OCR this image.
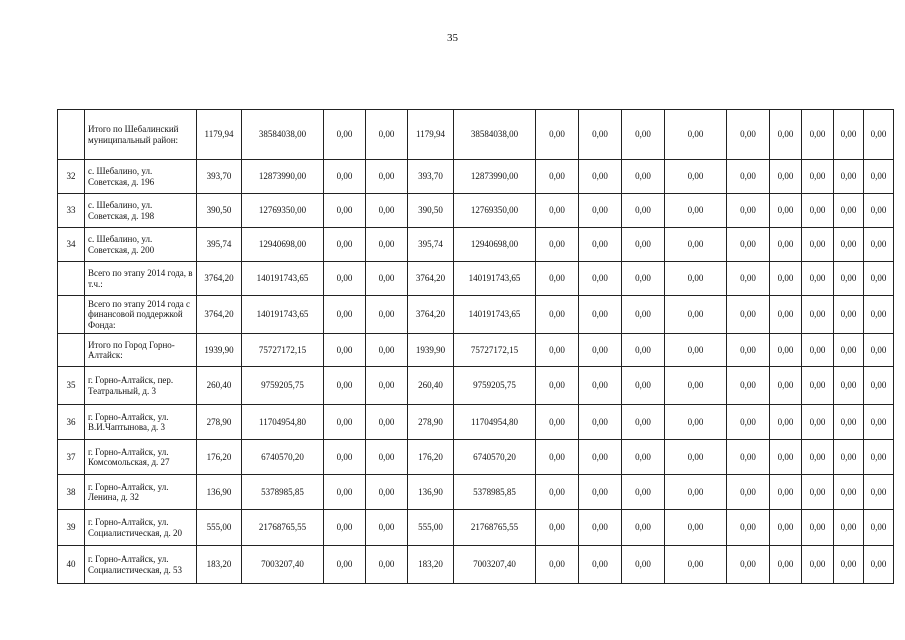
35
	Итого по Шебалинский муниципальный район:	1179,94	38584038,00	0,00	0,00	1179,94	38584038,00	0,00	0,00	0,00	0,00	0,00	0,00	0,00	0,00	0,00
32	с. Шебалино, ул. Советская, д. 196	393,70	12873990,00	0,00	0,00	393,70	12873990,00	0,00	0,00	0,00	0,00	0,00	0,00	0,00	0,00	0,00
33	с. Шебалино, ул. Советская, д. 198	390,50	12769350,00	0,00	0,00	390,50	12769350,00	0,00	0,00	0,00	0,00	0,00	0,00	0,00	0,00	0,00
34	с. Шебалино, ул. Советская, д. 200	395,74	12940698,00	0,00	0,00	395,74	12940698,00	0,00	0,00	0,00	0,00	0,00	0,00	0,00	0,00	0,00
	Всего по этапу 2014 года, в т.ч.:	3764,20	140191743,65	0,00	0,00	3764,20	140191743,65	0,00	0,00	0,00	0,00	0,00	0,00	0,00	0,00	0,00
	Всего по этапу 2014 года с финансовой поддержкой Фонда:	3764,20	140191743,65	0,00	0,00	3764,20	140191743,65	0,00	0,00	0,00	0,00	0,00	0,00	0,00	0,00	0,00
	Итого по Город Горно-Алтайск:	1939,90	75727172,15	0,00	0,00	1939,90	75727172,15	0,00	0,00	0,00	0,00	0,00	0,00	0,00	0,00	0,00
35	г. Горно-Алтайск, пер. Театральный, д. 3	260,40	9759205,75	0,00	0,00	260,40	9759205,75	0,00	0,00	0,00	0,00	0,00	0,00	0,00	0,00	0,00
36	г. Горно-Алтайск, ул. В.И.Чаптынова, д. 3	278,90	11704954,80	0,00	0,00	278,90	11704954,80	0,00	0,00	0,00	0,00	0,00	0,00	0,00	0,00	0,00
37	г. Горно-Алтайск, ул. Комсомольская, д. 27	176,20	6740570,20	0,00	0,00	176,20	6740570,20	0,00	0,00	0,00	0,00	0,00	0,00	0,00	0,00	0,00
38	г. Горно-Алтайск, ул. Ленина, д. 32	136,90	5378985,85	0,00	0,00	136,90	5378985,85	0,00	0,00	0,00	0,00	0,00	0,00	0,00	0,00	0,00
39	г. Горно-Алтайск, ул. Социалистическая, д. 20	555,00	21768765,55	0,00	0,00	555,00	21768765,55	0,00	0,00	0,00	0,00	0,00	0,00	0,00	0,00	0,00
40	г. Горно-Алтайск, ул. Социалистическая, д. 53	183,20	7003207,40	0,00	0,00	183,20	7003207,40	0,00	0,00	0,00	0,00	0,00	0,00	0,00	0,00	0,00
